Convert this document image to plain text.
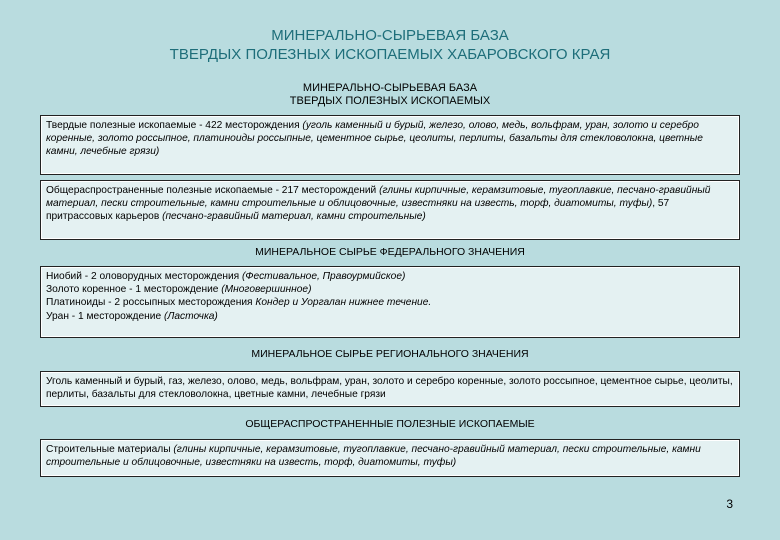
МИНЕРАЛЬНО-СЫРЬЕВАЯ БАЗА
ТВЕРДЫХ ПОЛЕЗНЫХ ИСКОПАЕМЫХ ХАБАРОВСКОГО КРАЯ
МИНЕРАЛЬНО-СЫРЬЕВАЯ БАЗА
ТВЕРДЫХ ПОЛЕЗНЫХ ИСКОПАЕМЫХ
Твердые полезные ископаемые - 422 месторождения (уголь каменный и бурый, железо, олово, медь, вольфрам, уран, золото и серебро коренные, золото россыпное, платиноиды россыпные, цементное сырье, цеолиты, перлиты, базальты для стекловолокна, цветные камни, лечебные грязи)
Общераспространенные полезные ископаемые - 217 месторождений (глины кирпичные, керамзитовые, тугоплавкие, песчано-гравийный материал, пески строительные, камни строительные и облицовочные, известняки на известь, торф, диатомиты, туфы), 57 притрассовых карьеров (песчано-гравийный материал, камни строительные)
МИНЕРАЛЬНОЕ СЫРЬЕ ФЕДЕРАЛЬНОГО ЗНАЧЕНИЯ
Ниобий - 2 оловорудных месторождения (Фестивальное, Правоурмийское)
Золото коренное - 1 месторождение (Многовершинное)
Платиноиды - 2 россыпных месторождения Кондер и Уоргалан нижнее течение.
Уран - 1 месторождение (Ласточка)
МИНЕРАЛЬНОЕ СЫРЬЕ РЕГИОНАЛЬНОГО ЗНАЧЕНИЯ
Уголь каменный и бурый, газ, железо, олово, медь, вольфрам, уран, золото и серебро коренные, золото россыпное, цементное сырье, цеолиты, перлиты, базальты для стекловолокна, цветные камни, лечебные грязи
ОБЩЕРАСПРОСТРАНЕННЫЕ ПОЛЕЗНЫЕ ИСКОПАЕМЫЕ
Строительные материалы (глины кирпичные, керамзитовые, тугоплавкие, песчано-гравийный материал, пески строительные, камни строительные и облицовочные, известняки на известь, торф, диатомиты, туфы)
3
